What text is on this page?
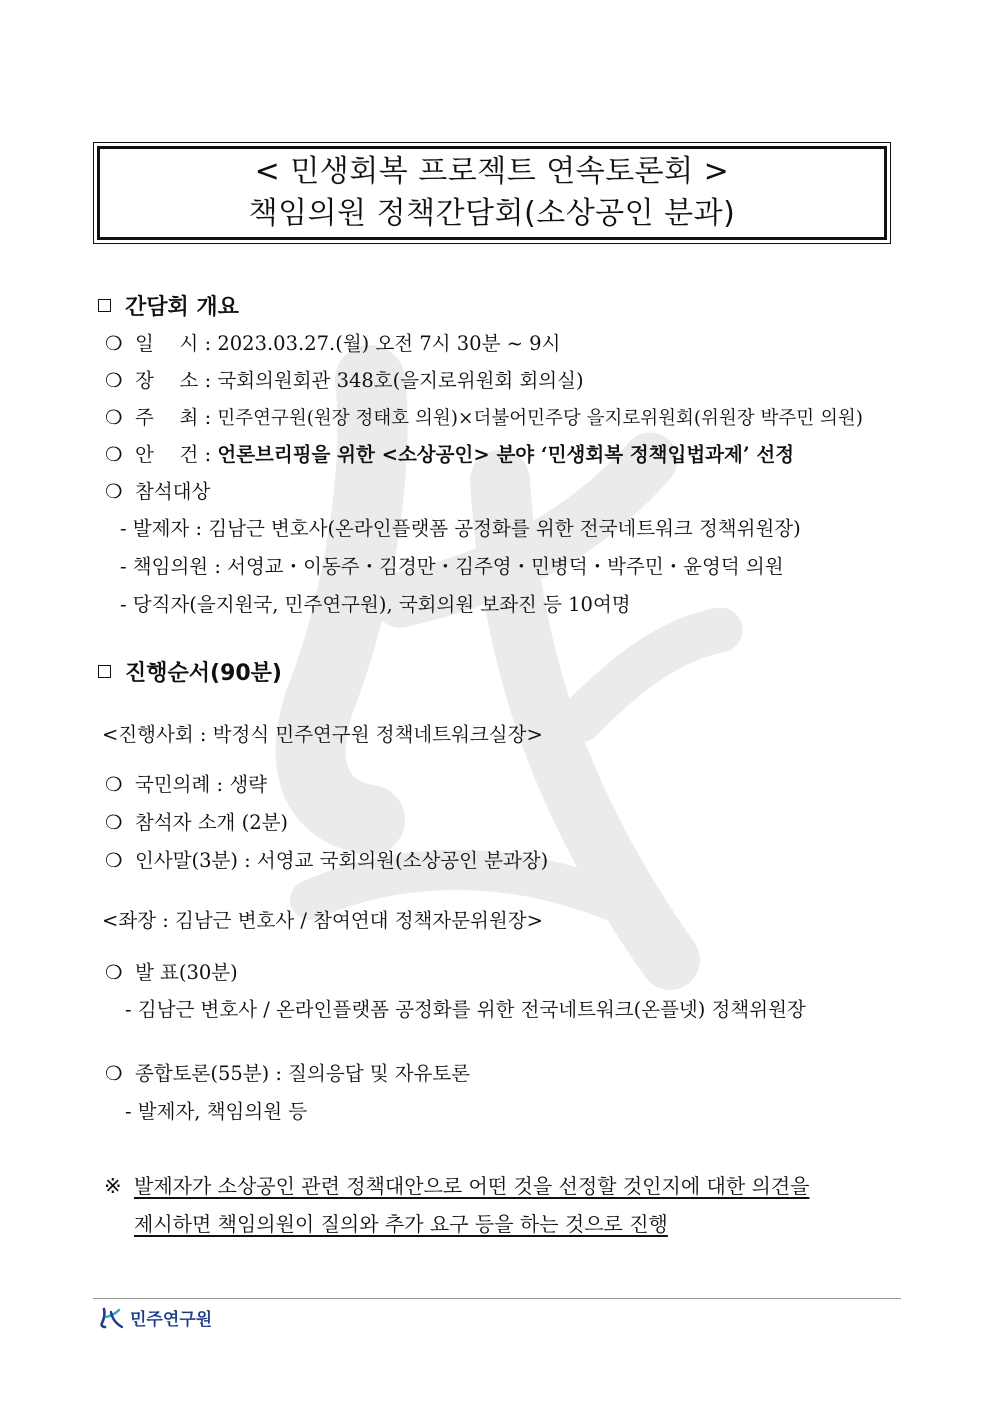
< 민생회복 프로젝트 연속토론회 >
책임의원 정책간담회(소상공인 분과)
간담회 개요
❍ 일　 시 : 2023.03.27.(월) 오전 7시 30분 ~ 9시
❍ 장　 소 : 국회의원회관 348호(을지로위원회 회의실)
❍ 주　 최 : 민주연구원(원장 정태호 의원)×더불어민주당 을지로위원회(위원장 박주민 의원)
❍ 안　 건 : 언론브리핑을 위한 <소상공인> 분야 ‘민생회복 정책입법과제’ 선정
❍ 참석대상
- 발제자 : 김남근 변호사(온라인플랫폼 공정화를 위한 전국네트워크 정책위원장)
- 책임의원 : 서영교・이동주・김경만・김주영・민병덕・박주민・윤영덕 의원
- 당직자(을지원국, 민주연구원), 국회의원 보좌진 등 10여명
진행순서(90분)
<진행사회 : 박정식 민주연구원 정책네트워크실장>
❍ 국민의례 : 생략
❍ 참석자 소개 (2분)
❍ 인사말(3분) : 서영교 국회의원(소상공인 분과장)
<좌장 : 김남근 변호사 / 참여연대 정책자문위원장>
❍ 발 표(30분)
- 김남근 변호사 / 온라인플랫폼 공정화를 위한 전국네트워크(온플넷) 정책위원장
❍ 종합토론(55분) : 질의응답 및 자유토론
- 발제자, 책임의원 등
※ 발제자가 소상공인 관련 정책대안으로 어떤 것을 선정할 것인지에 대한 의견을
제시하면 책임의원이 질의와 추가 요구 등을 하는 것으로 진행
민주연구원
